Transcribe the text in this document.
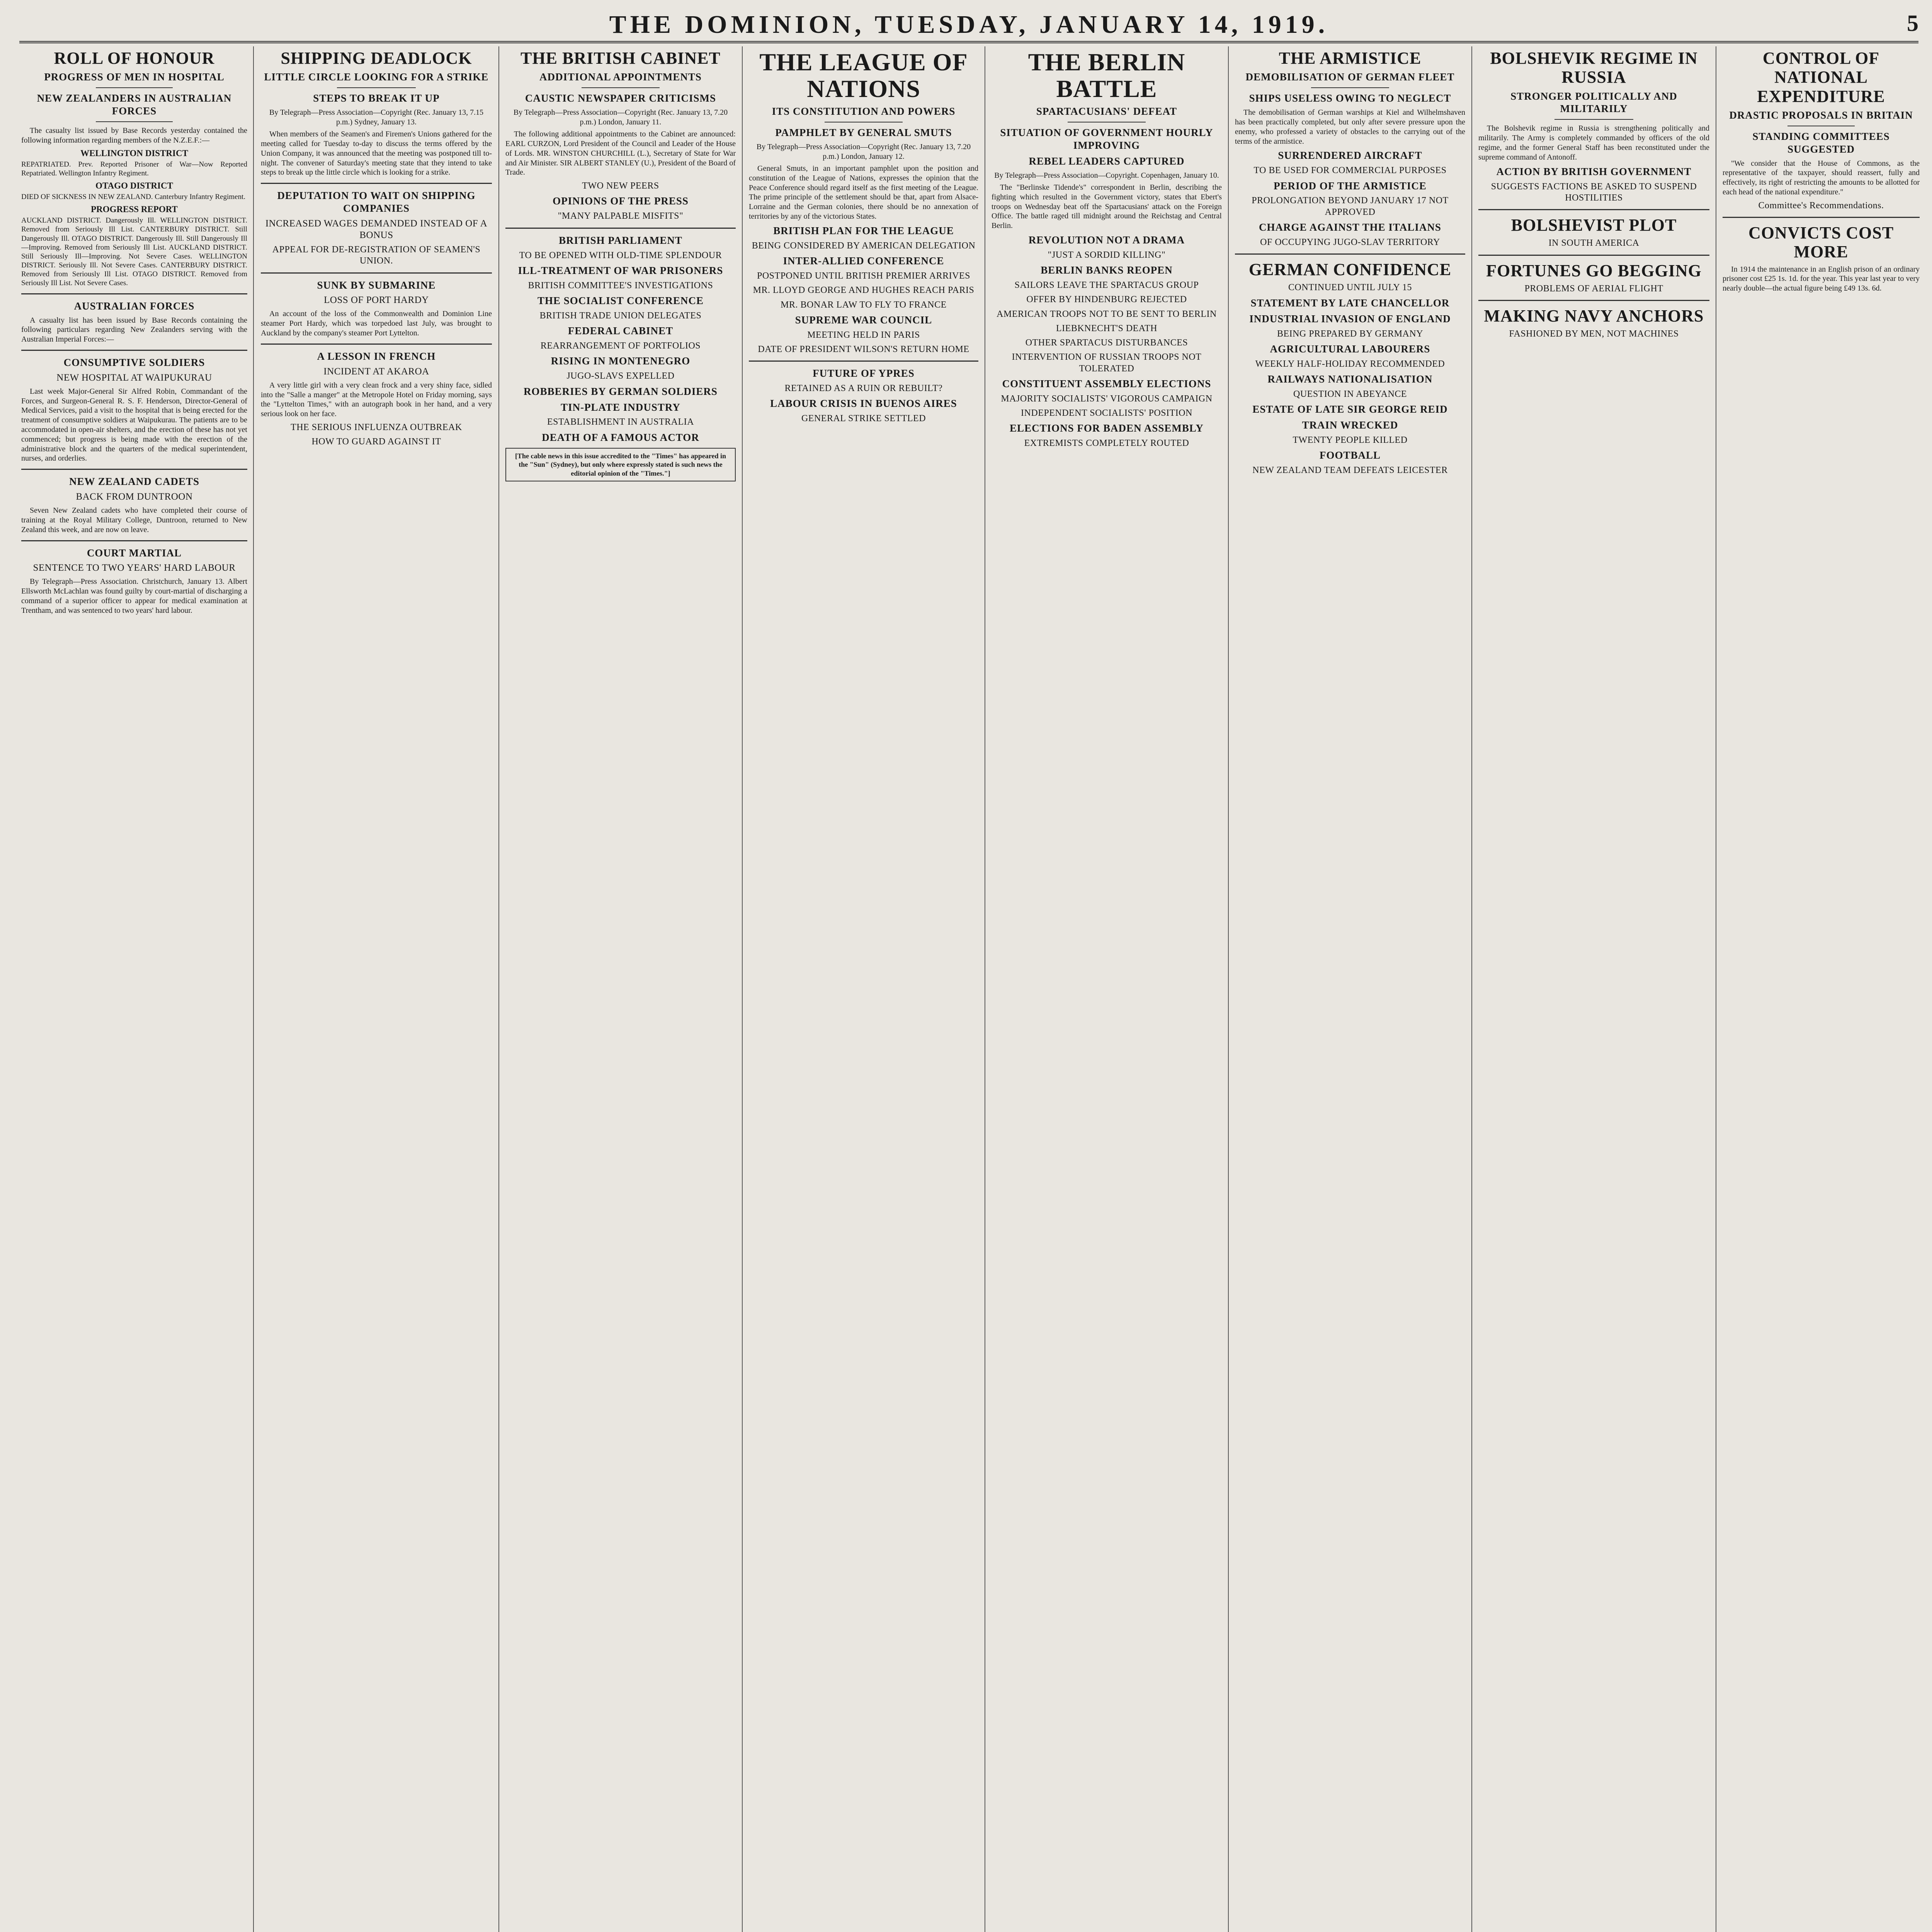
THE DOMINION, TUESDAY, JANUARY 14, 1919.	5
ROLL OF HONOUR
PROGRESS OF MEN IN HOSPITAL
NEW ZEALANDERS IN AUSTRALIAN FORCES

The casualty list issued by Base Records yesterday contained the following information regarding members of the N.Z.E.F.:—

WELLINGTON DISTRICT

REPATRIATED. Prev. Reported Prisoner of War—Now Reported Repatriated. Wellington Infantry Regiment.

OTAGO DISTRICT

DIED OF SICKNESS IN NEW ZEALAND. Canterbury Infantry Regiment.

PROGRESS REPORT

AUCKLAND DISTRICT. Dangerously Ill. WELLINGTON DISTRICT. Removed from Seriously Ill List. CANTERBURY DISTRICT. Still Dangerously Ill. OTAGO DISTRICT. Dangerously Ill. Still Dangerously Ill—Improving. Removed from Seriously Ill List. AUCKLAND DISTRICT. Still Seriously Ill—Improving. Not Severe Cases. WELLINGTON DISTRICT. Seriously Ill. Not Severe Cases. CANTERBURY DISTRICT. Removed from Seriously Ill List. OTAGO DISTRICT. Removed from Seriously Ill List. Not Severe Cases.

AUSTRALIAN FORCES

A casualty list has been issued by Base Records containing the following particulars regarding New Zealanders serving with the Australian Imperial Forces:—

CONSUMPTIVE SOLDIERS
NEW HOSPITAL AT WAIPUKURAU

Last week Major-General Sir Alfred Robin, Commandant of the Forces, and Surgeon-General R. S. F. Henderson, Director-General of Medical Services, paid a visit to the hospital that is being erected for the treatment of consumptive soldiers at Waipukurau. The patients are to be accommodated in open-air shelters, and the erection of these has not yet commenced; but progress is being made with the erection of the administrative block and the quarters of the medical superintendent, nurses, and orderlies.

NEW ZEALAND CADETS
BACK FROM DUNTROON

Seven New Zealand cadets who have completed their course of training at the Royal Military College, Duntroon, returned to New Zealand this week, and are now on leave.

COURT MARTIAL
SENTENCE TO TWO YEARS' HARD LABOUR

By Telegraph—Press Association. Christchurch, January 13. Albert Ellsworth McLachlan was found guilty by court-martial of discharging a command of a superior officer to appear for medical examination at Trentham, and was sentenced to two years' hard labour.

SHIPPING DEADLOCK
LITTLE CIRCLE LOOKING FOR A STRIKE
STEPS TO BREAK IT UP
By Telegraph—Press Association—Copyright (Rec. January 13, 7.15 p.m.) Sydney, January 13.

When members of the Seamen's and Firemen's Unions gathered for the meeting called for Tuesday to-day to discuss the terms offered by the Union Company, it was announced that the meeting was postponed till to-night. The convener of Saturday's meeting state that they intend to take steps to break up the little circle which is looking for a strike.

DEPUTATION TO WAIT ON SHIPPING COMPANIES
INCREASED WAGES DEMANDED INSTEAD OF A BONUS
APPEAL FOR DE-REGISTRATION OF SEAMEN'S UNION.
SUNK BY SUBMARINE
LOSS OF PORT HARDY

An account of the loss of the Commonwealth and Dominion Line steamer Port Hardy, which was torpedoed last July, was brought to Auckland by the company's steamer Port Lyttelton.

A LESSON IN FRENCH
INCIDENT AT AKAROA

A very little girl with a very clean frock and a very shiny face, sidled into the "Salle a manger" at the Metropole Hotel on Friday morning, says the "Lyttelton Times," with an autograph book in her hand, and a very serious look on her face.

THE SERIOUS INFLUENZA OUTBREAK
HOW TO GUARD AGAINST IT
THE BRITISH CABINET
ADDITIONAL APPOINTMENTS
CAUSTIC NEWSPAPER CRITICISMS
By Telegraph—Press Association—Copyright (Rec. January 13, 7.20 p.m.) London, January 11.

The following additional appointments to the Cabinet are announced: EARL CURZON, Lord President of the Council and Leader of the House of Lords. MR. WINSTON CHURCHILL (L.), Secretary of State for War and Air Minister. SIR ALBERT STANLEY (U.), President of the Board of Trade.

TWO NEW PEERS
OPINIONS OF THE PRESS
"MANY PALPABLE MISFITS"
BRITISH PARLIAMENT
TO BE OPENED WITH OLD-TIME SPLENDOUR
ILL-TREATMENT OF WAR PRISONERS
BRITISH COMMITTEE'S INVESTIGATIONS
THE SOCIALIST CONFERENCE
BRITISH TRADE UNION DELEGATES
FEDERAL CABINET
REARRANGEMENT OF PORTFOLIOS
RISING IN MONTENEGRO
JUGO-SLAVS EXPELLED
ROBBERIES BY GERMAN SOLDIERS
TIN-PLATE INDUSTRY
ESTABLISHMENT IN AUSTRALIA
DEATH OF A FAMOUS ACTOR
[The cable news in this issue accredited to the "Times" has appeared in the "Sun" (Sydney), but only where expressly stated is such news the editorial opinion of the "Times."]
THE LEAGUE OF NATIONS
ITS CONSTITUTION AND POWERS
PAMPHLET BY GENERAL SMUTS
By Telegraph—Press Association—Copyright (Rec. January 13, 7.20 p.m.) London, January 12.

General Smuts, in an important pamphlet upon the position and constitution of the League of Nations, expresses the opinion that the Peace Conference should regard itself as the first meeting of the League. The prime principle of the settlement should be that, apart from Alsace-Lorraine and the German colonies, there should be no annexation of territories by any of the victorious States.

BRITISH PLAN FOR THE LEAGUE
BEING CONSIDERED BY AMERICAN DELEGATION
INTER-ALLIED CONFERENCE
POSTPONED UNTIL BRITISH PREMIER ARRIVES
MR. LLOYD GEORGE AND HUGHES REACH PARIS
MR. BONAR LAW TO FLY TO FRANCE
SUPREME WAR COUNCIL
MEETING HELD IN PARIS
DATE OF PRESIDENT WILSON'S RETURN HOME
FUTURE OF YPRES
RETAINED AS A RUIN OR REBUILT?
LABOUR CRISIS IN BUENOS AIRES
GENERAL STRIKE SETTLED
THE BERLIN BATTLE
SPARTACUSIANS' DEFEAT
SITUATION OF GOVERNMENT HOURLY IMPROVING
REBEL LEADERS CAPTURED
By Telegraph—Press Association—Copyright. Copenhagen, January 10.

The "Berlinske Tidende's" correspondent in Berlin, describing the fighting which resulted in the Government victory, states that Ebert's troops on Wednesday beat off the Spartacusians' attack on the Foreign Office. The battle raged till midnight around the Reichstag and Central Berlin.

REVOLUTION NOT A DRAMA
"JUST A SORDID KILLING"
BERLIN BANKS REOPEN
SAILORS LEAVE THE SPARTACUS GROUP
OFFER BY HINDENBURG REJECTED
AMERICAN TROOPS NOT TO BE SENT TO BERLIN
LIEBKNECHT'S DEATH
OTHER SPARTACUS DISTURBANCES
INTERVENTION OF RUSSIAN TROOPS NOT TOLERATED
CONSTITUENT ASSEMBLY ELECTIONS
MAJORITY SOCIALISTS' VIGOROUS CAMPAIGN
INDEPENDENT SOCIALISTS' POSITION
ELECTIONS FOR BADEN ASSEMBLY
EXTREMISTS COMPLETELY ROUTED
THE ARMISTICE
DEMOBILISATION OF GERMAN FLEET
SHIPS USELESS OWING TO NEGLECT

The demobilisation of German warships at Kiel and Wilhelmshaven has been practically completed, but only after severe pressure upon the enemy, who professed a variety of obstacles to the carrying out of the terms of the armistice.

SURRENDERED AIRCRAFT
TO BE USED FOR COMMERCIAL PURPOSES
PERIOD OF THE ARMISTICE
PROLONGATION BEYOND JANUARY 17 NOT APPROVED
CHARGE AGAINST THE ITALIANS
OF OCCUPYING JUGO-SLAV TERRITORY
GERMAN CONFIDENCE
CONTINUED UNTIL JULY 15
STATEMENT BY LATE CHANCELLOR
INDUSTRIAL INVASION OF ENGLAND
BEING PREPARED BY GERMANY
AGRICULTURAL LABOURERS
WEEKLY HALF-HOLIDAY RECOMMENDED
RAILWAYS NATIONALISATION
QUESTION IN ABEYANCE
ESTATE OF LATE SIR GEORGE REID
TRAIN WRECKED
TWENTY PEOPLE KILLED
FOOTBALL
NEW ZEALAND TEAM DEFEATS LEICESTER
BOLSHEVIK REGIME IN RUSSIA
STRONGER POLITICALLY AND MILITARILY

The Bolshevik regime in Russia is strengthening politically and militarily. The Army is completely commanded by officers of the old regime, and the former General Staff has been reconstituted under the supreme command of Antonoff.

ACTION BY BRITISH GOVERNMENT
SUGGESTS FACTIONS BE ASKED TO SUSPEND HOSTILITIES
BOLSHEVIST PLOT
IN SOUTH AMERICA
FORTUNES GO BEGGING
PROBLEMS OF AERIAL FLIGHT
MAKING NAVY ANCHORS
FASHIONED BY MEN, NOT MACHINES
CONTROL OF NATIONAL EXPENDITURE
DRASTIC PROPOSALS IN BRITAIN
STANDING COMMITTEES SUGGESTED

"We consider that the House of Commons, as the representative of the taxpayer, should reassert, fully and effectively, its right of restricting the amounts to be allotted for each head of the national expenditure."

Committee's Recommendations.
CONVICTS COST MORE

In 1914 the maintenance in an English prison of an ordinary prisoner cost £25 1s. 1d. for the year. This year last year to very nearly double—the actual figure being £49 13s. 6d.
